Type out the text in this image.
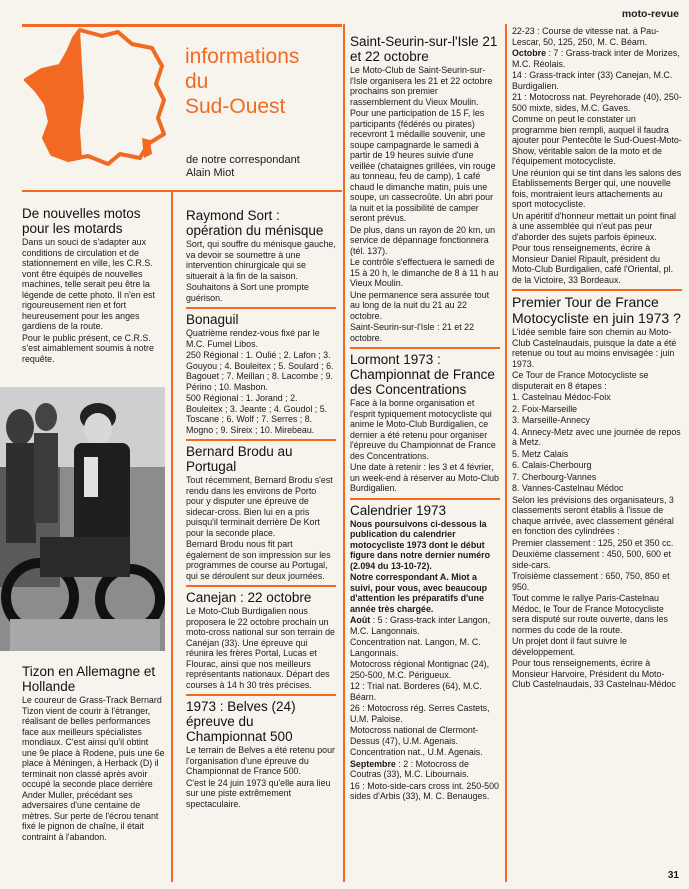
moto-revue
informations
du
Sud-Ouest
de notre correspondant
Alain Miot
De nouvelles motos pour les motards

Dans un souci de s'adapter aux conditions de circulation et de stationnement en ville, les C.R.S. vont être équipés de nouvelles machines, telle serait peu être la légende de cette photo. Il n'en est rigoureusement rien et fort heureusement pour les anges gardiens de la route.

Pour le public présent, ce C.R.S. s'est aimablement soumis à notre requête.

Tizon en Allemagne et Hollande

Le coureur de Grass-Track Bernard Tizon vient de courir à l'étranger, réalisant de belles performances face aux meilleurs spécialistes mondiaux. C'est ainsi qu'il obtint une 9e place à Rodene, puis une 6e place à Méningen, à Herback (D) il terminait non classé après avoir occupé la seconde place derrière Ander Muller, précédant ses adversaires d'une centaine de mètres. Sur perte de l'écrou tenant fixé le pignon de chaîne, il était contraint à l'abandon.

Raymond Sort : opération du ménisque

Sort, qui souffre du ménisque gauche, va devoir se soumettre à une intervention chirurgicale qui se situerait à la fin de la saison.

Souhaitons à Sort une prompte guérison.

Bonaguil

Quatrième rendez-vous fixé par le M.C. Fumel Libos.

250 Régional : 1. Oulié ; 2. Lafon ; 3. Gouyou ; 4. Bouleitex ; 5. Soulard ; 6. Bagouet ; 7. Meillan ; 8. Lacombe ; 9. Périno ; 10. Masbon.

500 Régional : 1. Jorand ; 2. Bouleitex ; 3. Jeante ; 4. Goudol ; 5. Toscane ; 6. Wolf ; 7. Serres ; 8. Mogno ; 9. Sireix ; 10. Mirebeau.

Bernard Brodu au Portugal

Tout récemment, Bernard Brodu s'est rendu dans les environs de Porto pour y disputer une épreuve de sidecar-cross. Bien lui en a pris puisqu'il terminait derrière De Kort pour la seconde place.

Bernard Brodu nous fit part également de son impression sur les programmes de course au Portugal, qui se déroulent sur deux journées.

Canejan : 22 octobre

Le Moto-Club Burdigalien nous proposera le 22 octobre prochain un moto-cross national sur son terrain de Canéjan (33). Une épreuve qui réunira les frères Portal, Lucas et Flourac, ainsi que nos meilleurs représentants nationaux. Départ des courses à 14 h 30 très précises.

1973 : Belves (24) épreuve du Championnat 500

Le terrain de Belves a été retenu pour l'organisation d'une épreuve du Championnat de France 500.

C'est le 24 juin 1973 qu'elle aura lieu sur une piste extrêmement spectaculaire.

Saint-Seurin-sur-l'Isle 21 et 22 octobre

Le Moto-Club de Saint-Seurin-sur-l'Isle organisera les 21 et 22 octobre prochains son premier rassemblement du Vieux Moulin.

Pour une participation de 15 F, les participants (fédérés ou pirates) recevront 1 médaille souvenir, une soupe campagnarde le samedi à partir de 19 heures suivie d'une veillée (chataignes grillées, vin rouge au tonneau, feu de camp), 1 café chaud le dimanche matin, puis une soupe, un cassecroûte. Un abri pour la nuit et la possibilité de camper seront prévus.

De plus, dans un rayon de 20 km, un service de dépannage fonctionnera (tél. 137).

Le contrôle s'effectuera le samedi de 15 à 20 h, le dimanche de 8 à 11 h au Vieux Moulin.

Une permanence sera assurée tout au long de la nuit du 21 au 22 octobre.

Saint-Seurin-sur-l'Isle : 21 et 22 octobre.

Lormont 1973 : Championnat de France des Concentrations

Face à la bonne organisation et l'esprit typiquement motocycliste qui anime le Moto-Club Burdigalien, ce dernier a été retenu pour organiser l'épreuve du Championnat de France des Concentrations.

Une date à retenir : les 3 et 4 février, un week-end à réserver au Moto-Club Burdigalien.

Calendrier 1973

Nous poursuivons ci-dessous la publication du calendrier motocycliste 1973 dont le début figure dans notre dernier numéro (2.094 du 13-10-72).

Notre correspondant A. Miot a suivi, pour vous, avec beaucoup d'attention les préparatifs d'une année très chargée.

Août : 5 : Grass-track inter Langon, M.C. Langonnais.

Concentration nat. Langon, M. C. Langonnais.

Motocross régional Montignac (24), 250-500, M.C. Périgueux.

12 : Trial nat. Borderes (64), M.C. Béarn.

26 : Motocross rég. Serres Castets, U.M. Paloise.

Motocross national de Clermont-Dessus (47), U.M. Agenais.

Concentration nat., U.M. Agenais.

Septembre : 2 : Motocross de Coutras (33), M.C. Libournais.

16 : Moto-side-cars cross int. 250-500 sides d'Arbis (33), M. C. Benauges.

22-23 : Course de vitesse nat. à Pau-Lescar, 50, 125, 250, M. C. Béarn.

Octobre : 7 : Grass-track inter de Morizes, M.C. Réolais.

14 : Grass-track inter (33) Canejan, M.C. Burdigalien.

21 : Motocross nat. Peyrehorade (40), 250-500 mixte, sides, M.C. Gaves.

Comme on peut le constater un programme bien rempli, auquel il faudra ajouter pour Pentecôte le Sud-Ouest-Moto-Show, véritable salon de la moto et de l'équipement motocycliste.

Une réunion qui se tint dans les salons des Etablissements Berger qui, une nouvelle fois, montraient leurs attachements au sport motocycliste.

Un apéritif d'honneur mettait un point final à une assemblée qui n'eut pas peur d'aborder des sujets parfois épineux.

Pour tous renseignements, écrire à Monsieur Daniel Ripault, président du Moto-Club Burdigalien, café l'Oriental, pl. de la Victoire, 33 Bordeaux.

Premier Tour de France Motocycliste en juin 1973 ?

L'idée semble faire son chemin au Moto-Club Castelnaudais, puisque la date a été retenue ou tout au moins envisagée : juin 1973.

Ce Tour de France Motocycliste se disputerait en 8 étapes :

1. Castelnau Médoc-Foix

2. Foix-Marseille

3. Marseille-Annecy

4. Annecy-Metz avec une journée de repos à Metz.

5. Metz Calais

6. Calais-Cherbourg

7. Cherbourg-Vannes

8. Vannes-Castelnau Médoc

Selon les prévisions des organisateurs, 3 classements seront établis à l'issue de chaque arrivée, avec classement général en fonction des cylindrées :

Premier classement : 125, 250 et 350 cc.

Deuxième classement : 450, 500, 600 et side-cars.

Troisième classement : 650, 750, 850 et 950.

Tout comme le rallye Paris-Castelnau Médoc, le Tour de France Motocycliste sera disputé sur route ouverte, dans les normes du code de la route.

Un projet dont il faut suivre le développement.

Pour tous renseignements, écrire à Monsieur Harvoire, Président du Moto-Club Castelnaudais, 33 Castelnau-Médoc

31
